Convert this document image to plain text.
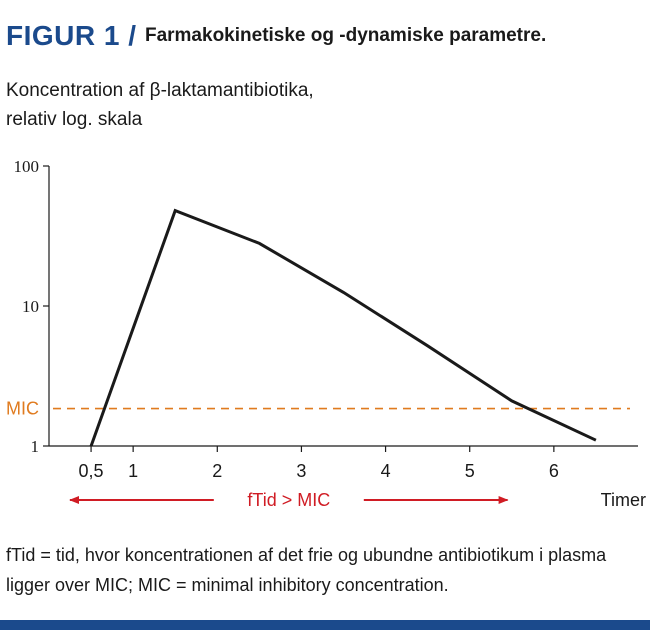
FIGUR 1 / Farmakokinetiske og -dynamiske parametre.
Koncentration af β-laktamantibiotika,
relativ log. skala
1
10
100
0,5 1	2	3	4	5	6
Timer
MIC
fTid > MIC
fTid = tid, hvor koncentrationen af det frie og ubundne antibiotikum i plasma
ligger over MIC; MIC = minimal inhibitory concentration.
